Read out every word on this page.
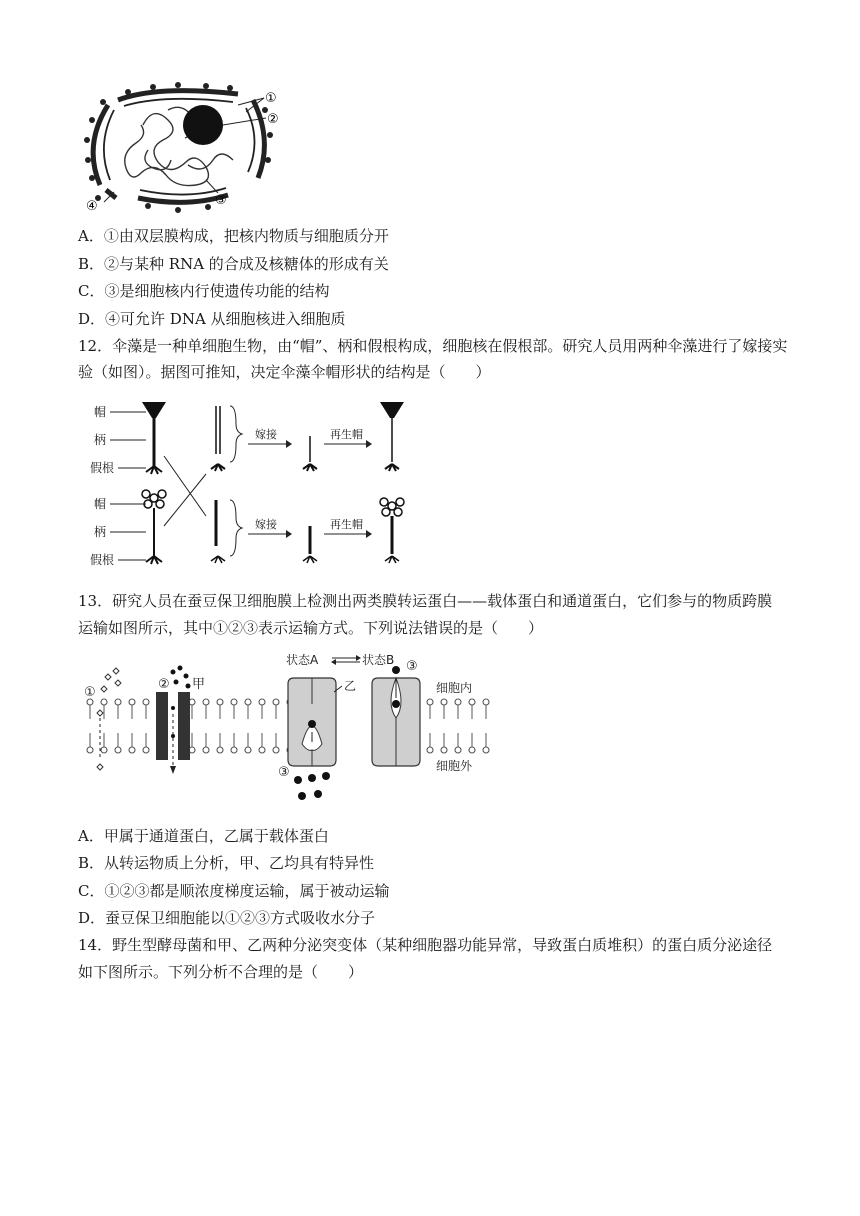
①
②
③
④
A．①由双层膜构成，把核内物质与细胞质分开
B．②与某种 RNA 的合成及核糖体的形成有关
C．③是细胞核内行使遗传功能的结构
D．④可允许 DNA 从细胞核进入细胞质
12．伞藻是一种单细胞生物，由“帽”、柄和假根构成，细胞核在假根部。研究人员用两种伞藻进行了嫁接实
验（如图）。据图可推知，决定伞藻伞帽形状的结构是（　　）
帽
柄
假根
帽
柄
假根
嫁接
嫁接
再生帽
再生帽
13．研究人员在蚕豆保卫细胞膜上检测出两类膜转运蛋白——载体蛋白和通道蛋白，它们参与的物质跨膜
运输如图所示，其中①②③表示运输方式。下列说法错误的是（　　）
② 甲
①
③
③
状态A	状态B
乙	细胞内
细胞外
A．甲属于通道蛋白，乙属于载体蛋白
B．从转运物质上分析，甲、乙均具有特异性
C．①②③都是顺浓度梯度运输，属于被动运输
D．蚕豆保卫细胞能以①②③方式吸收水分子
14．野生型酵母菌和甲、乙两种分泌突变体（某种细胞器功能异常，导致蛋白质堆积）的蛋白质分泌途径
如下图所示。下列分析不合理的是（　　）
